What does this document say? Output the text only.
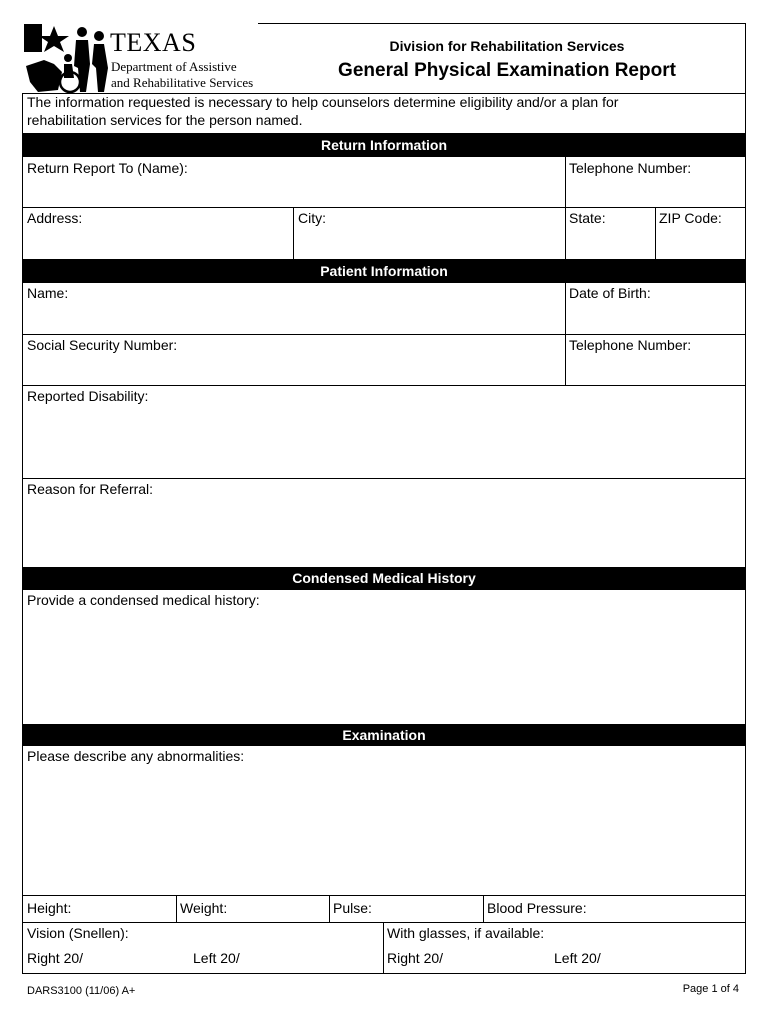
TEXAS
Department of Assistive
and Rehabilitative Services
Division for Rehabilitation Services
General Physical Examination Report
The information requested is necessary to help counselors determine eligibility and/or a plan for
rehabilitation services for the person named.
Return Information
Return Report To (Name):	Telephone Number:
Address:	City:	State:	ZIP Code:
Patient Information
Name:	Date of Birth:
Social Security Number:	Telephone Number:
Reported Disability:
Reason for Referral:
Condensed Medical History
Provide a condensed medical history:
Examination
Please describe any abnormalities:
Height:	Weight:	Pulse:	Blood Pressure:
Vision (Snellen):	With glasses, if available:
Right 20/	Left 20/	Right 20/	Left 20/
DARS3100 (11/06) A+	Page 1 of 4
